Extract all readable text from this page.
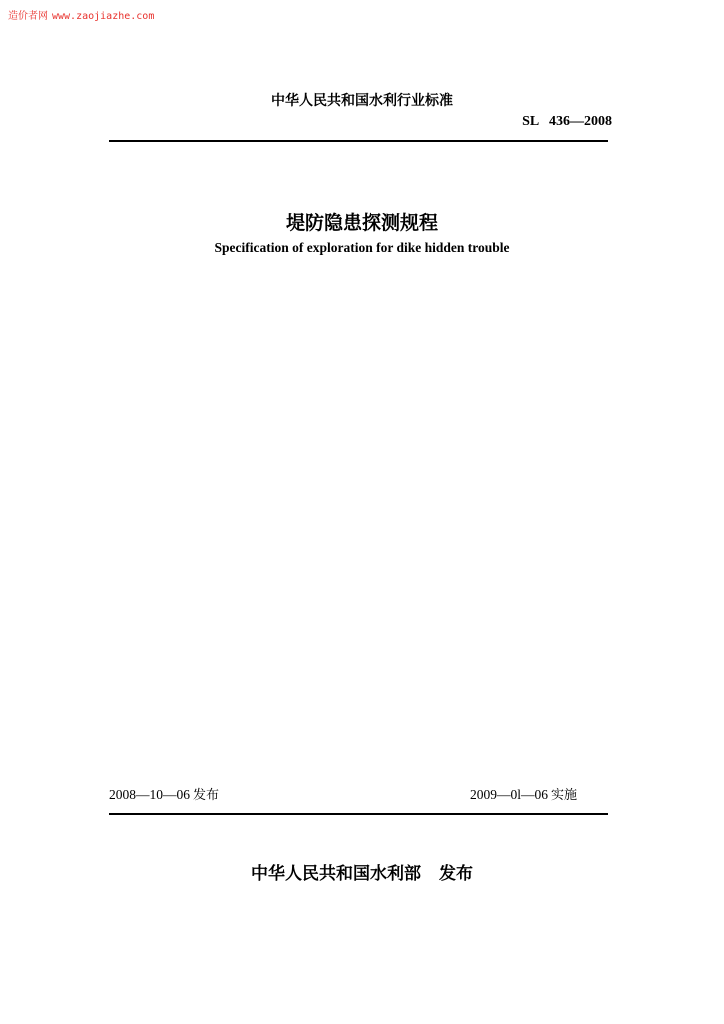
造价者网 www.zaojiazhe.com
中华人民共和国水利行业标准
SL   436—2008
堤防隐患探测规程
Specification of exploration for dike hidden trouble
2008—10—06 发布	2009—0l—06 实施
中华人民共和国水利部 发布
